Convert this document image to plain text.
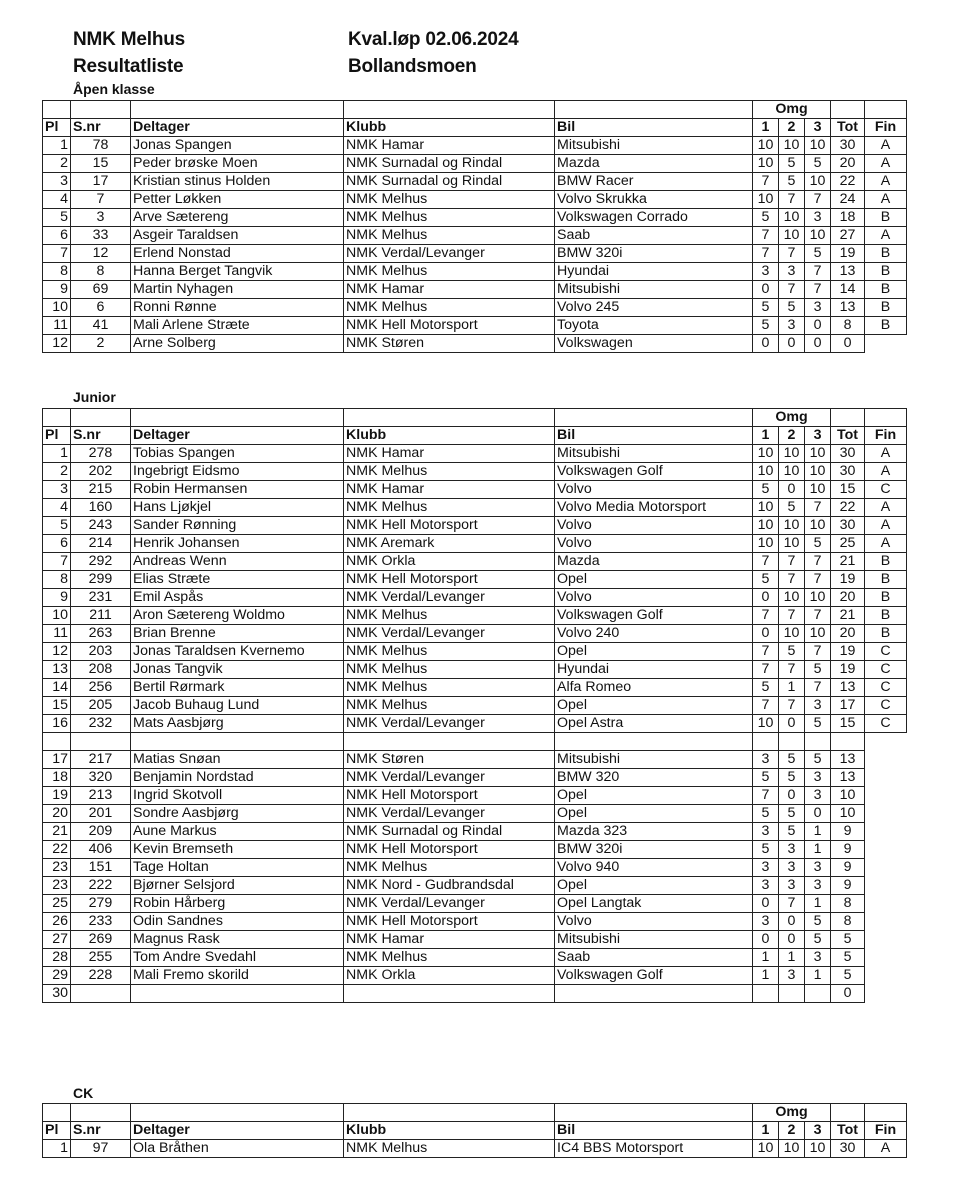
NMK Melhus
Resultatliste
Kval.løp 02.06.2024
Bollandsmoen
Åpen klasse
Junior
CK
					Omg				
Pl	S.nr	Deltager	Klubb	Bil	1	2	3	Tot	Fin
1	78	Jonas Spangen	NMK Hamar	Mitsubishi	10	10	10	30	A
2	15	Peder brøske Moen	NMK Surnadal og Rindal	Mazda	10	5	5	20	A
3	17	Kristian stinus Holden	NMK Surnadal og Rindal	BMW Racer	7	5	10	22	A
4	7	Petter Løkken	NMK Melhus	Volvo Skrukka	10	7	7	24	A
5	3	Arve Sætereng	NMK Melhus	Volkswagen Corrado	5	10	3	18	B
6	33	Asgeir Taraldsen	NMK Melhus	Saab	7	10	10	27	A
7	12	Erlend Nonstad	NMK Verdal/Levanger	BMW 320i	7	7	5	19	B
8	8	Hanna Berget Tangvik	NMK Melhus	Hyundai	3	3	7	13	B
9	69	Martin Nyhagen	NMK Hamar	Mitsubishi	0	7	7	14	B
10	6	Ronni Rønne	NMK Melhus	Volvo 245	5	5	3	13	B
11	41	Mali Arlene Stræte	NMK Hell Motorsport	Toyota	5	3	0	8	B
12	2	Arne Solberg	NMK Støren	Volkswagen	0	0	0	0	
					Omg				
Pl	S.nr	Deltager	Klubb	Bil	1	2	3	Tot	Fin
1	278	Tobias Spangen	NMK Hamar	Mitsubishi	10	10	10	30	A
2	202	Ingebrigt Eidsmo	NMK Melhus	Volkswagen Golf	10	10	10	30	A
3	215	Robin Hermansen	NMK Hamar	Volvo	5	0	10	15	C
4	160	Hans Ljøkjel	NMK Melhus	Volvo Media Motorsport	10	5	7	22	A
5	243	Sander Rønning	NMK Hell Motorsport	Volvo	10	10	10	30	A
6	214	Henrik Johansen	NMK Aremark	Volvo	10	10	5	25	A
7	292	Andreas Wenn	NMK Orkla	Mazda	7	7	7	21	B
8	299	Elias Stræte	NMK Hell Motorsport	Opel	5	7	7	19	B
9	231	Emil Aspås	NMK Verdal/Levanger	Volvo	0	10	10	20	B
10	211	Aron Sætereng Woldmo	NMK Melhus	Volkswagen Golf	7	7	7	21	B
11	263	Brian Brenne	NMK Verdal/Levanger	Volvo 240	0	10	10	20	B
12	203	Jonas Taraldsen Kvernemo	NMK Melhus	Opel	7	5	7	19	C
13	208	Jonas Tangvik	NMK Melhus	Hyundai	7	7	5	19	C
14	256	Bertil Rørmark	NMK Melhus	Alfa Romeo	5	1	7	13	C
15	205	Jacob Buhaug Lund	NMK Melhus	Opel	7	7	3	17	C
16	232	Mats Aasbjørg	NMK Verdal/Levanger	Opel Astra	10	0	5	15	C

17	217	Matias Snøan	NMK Støren	Mitsubishi	3	5	5	13	
18	320	Benjamin Nordstad	NMK Verdal/Levanger	BMW 320	5	5	3	13	
19	213	Ingrid Skotvoll	NMK Hell Motorsport	Opel	7	0	3	10	
20	201	Sondre Aasbjørg	NMK Verdal/Levanger	Opel	5	5	0	10	
21	209	Aune Markus	NMK Surnadal og Rindal	Mazda 323	3	5	1	9	
22	406	Kevin Bremseth	NMK Hell Motorsport	BMW 320i	5	3	1	9	
23	151	Tage Holtan	NMK Melhus	Volvo 940	3	3	3	9	
23	222	Bjørner Selsjord	NMK Nord - Gudbrandsdal	Opel	3	3	3	9	
25	279	Robin Hårberg	NMK Verdal/Levanger	Opel Langtak	0	7	1	8	
26	233	Odin Sandnes	NMK Hell Motorsport	Volvo	3	0	5	8	
27	269	Magnus Rask	NMK Hamar	Mitsubishi	0	0	5	5	
28	255	Tom Andre Svedahl	NMK Melhus	Saab	1	1	3	5	
29	228	Mali Fremo skorild	NMK Orkla	Volkswagen Golf	1	3	1	5	
30								0	
					Omg				
Pl	S.nr	Deltager	Klubb	Bil	1	2	3	Tot	Fin
1	97	Ola Bråthen	NMK Melhus	IC4 BBS Motorsport	10	10	10	30	A
